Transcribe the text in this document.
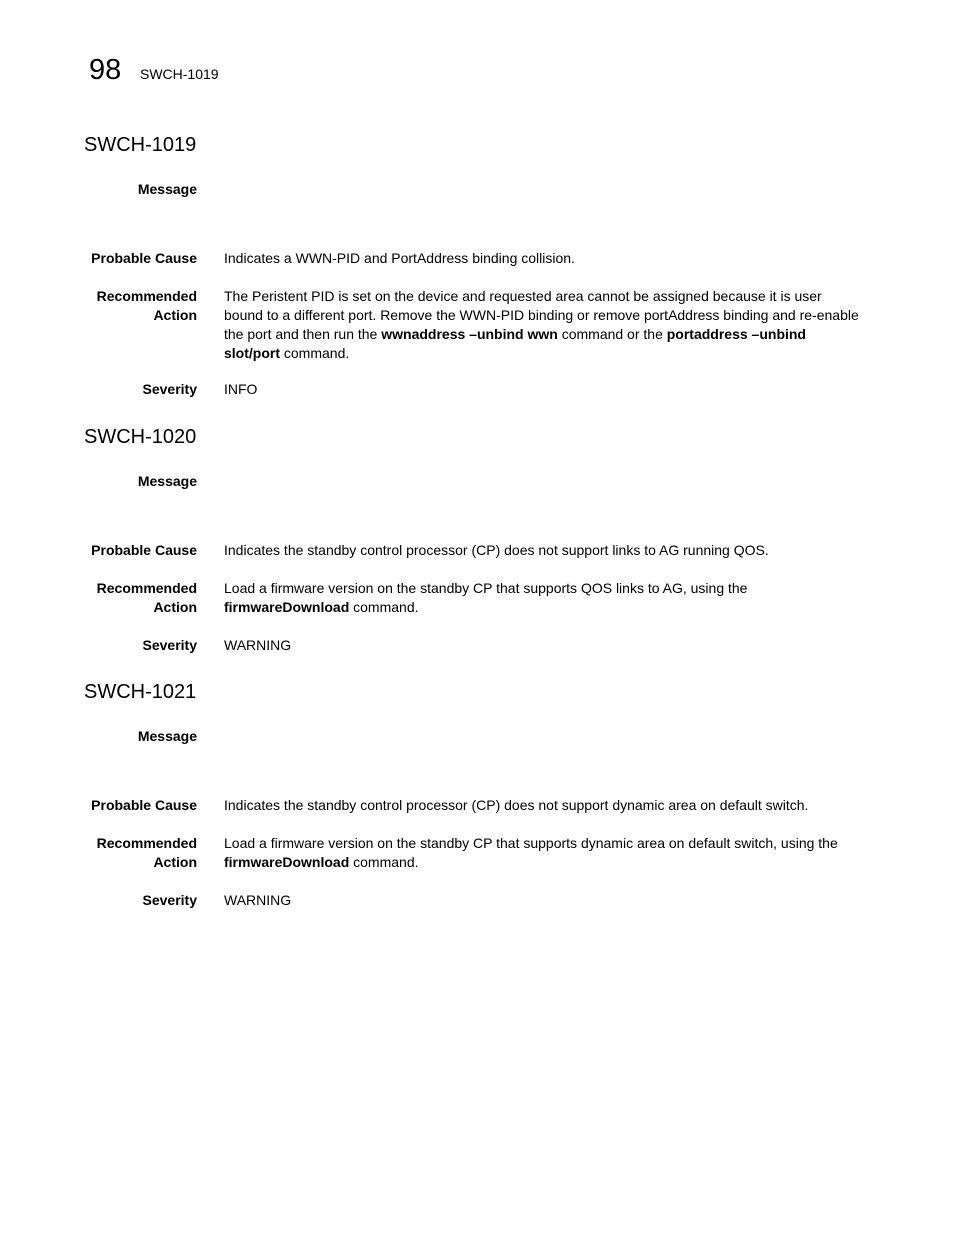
98 SWCH-1019
SWCH-1019
Message
Probable Cause Indicates a WWN-PID and PortAddress binding collision.
Recommended
Action
The Peristent PID is set on the device and requested area cannot be assigned because it is user bound to a different port. Remove the WWN-PID binding or remove portAddress binding and re-enable the port and then run the wwnaddress –unbind wwn command or the portaddress –unbind slot/port command.
Severity INFO
SWCH-1020
Message
Probable Cause Indicates the standby control processor (CP) does not support links to AG running QOS.
Recommended
Action
Load a firmware version on the standby CP that supports QOS links to AG, using the firmwareDownload command.
Severity WARNING
SWCH-1021
Message
Probable Cause Indicates the standby control processor (CP) does not support dynamic area on default switch.
Recommended
Action
Load a firmware version on the standby CP that supports dynamic area on default switch, using the firmwareDownload command.
Severity WARNING
